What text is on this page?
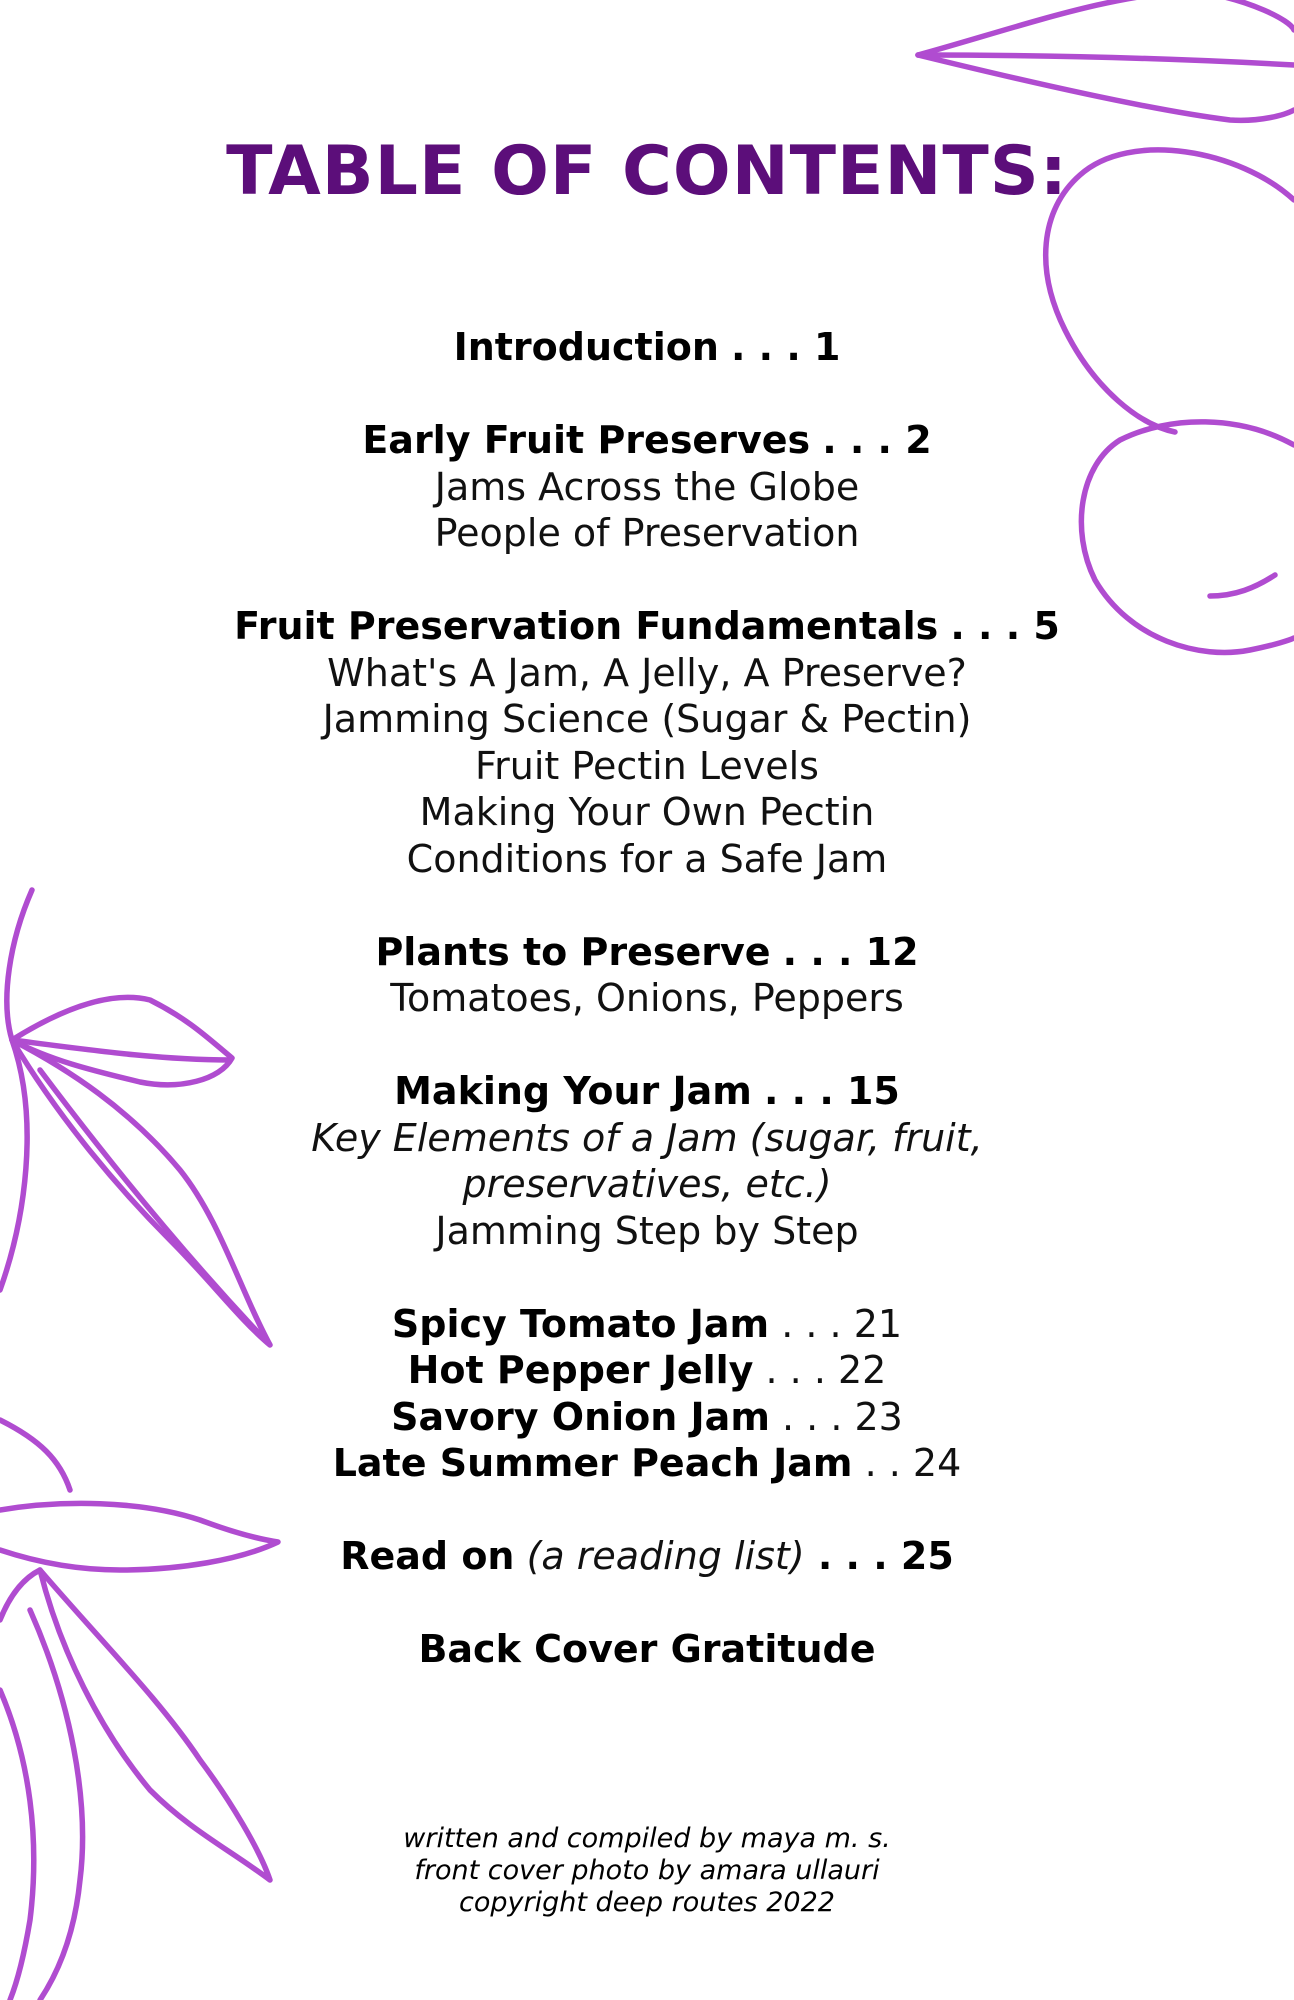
TABLE OF CONTENTS:
Introduction . . . 1
Early Fruit Preserves . . . 2
Jams Across the Globe
People of Preservation
Fruit Preservation Fundamentals . . . 5
What's A Jam, A Jelly, A Preserve?
Jamming Science (Sugar & Pectin)
Fruit Pectin Levels
Making Your Own Pectin
Conditions for a Safe Jam
Plants to Preserve . . . 12
Tomatoes, Onions, Peppers
Making Your Jam . . . 15
Key Elements of a Jam (sugar, fruit,
preservatives, etc.)
Jamming Step by Step
Spicy Tomato Jam . . . 21
Hot Pepper Jelly . . . 22
Savory Onion Jam . . . 23
Late Summer Peach Jam . . 24
Read on (a reading list) . . . 25
Back Cover Gratitude
written and compiled by maya m. s.
front cover photo by amara ullauri
copyright deep routes 2022
